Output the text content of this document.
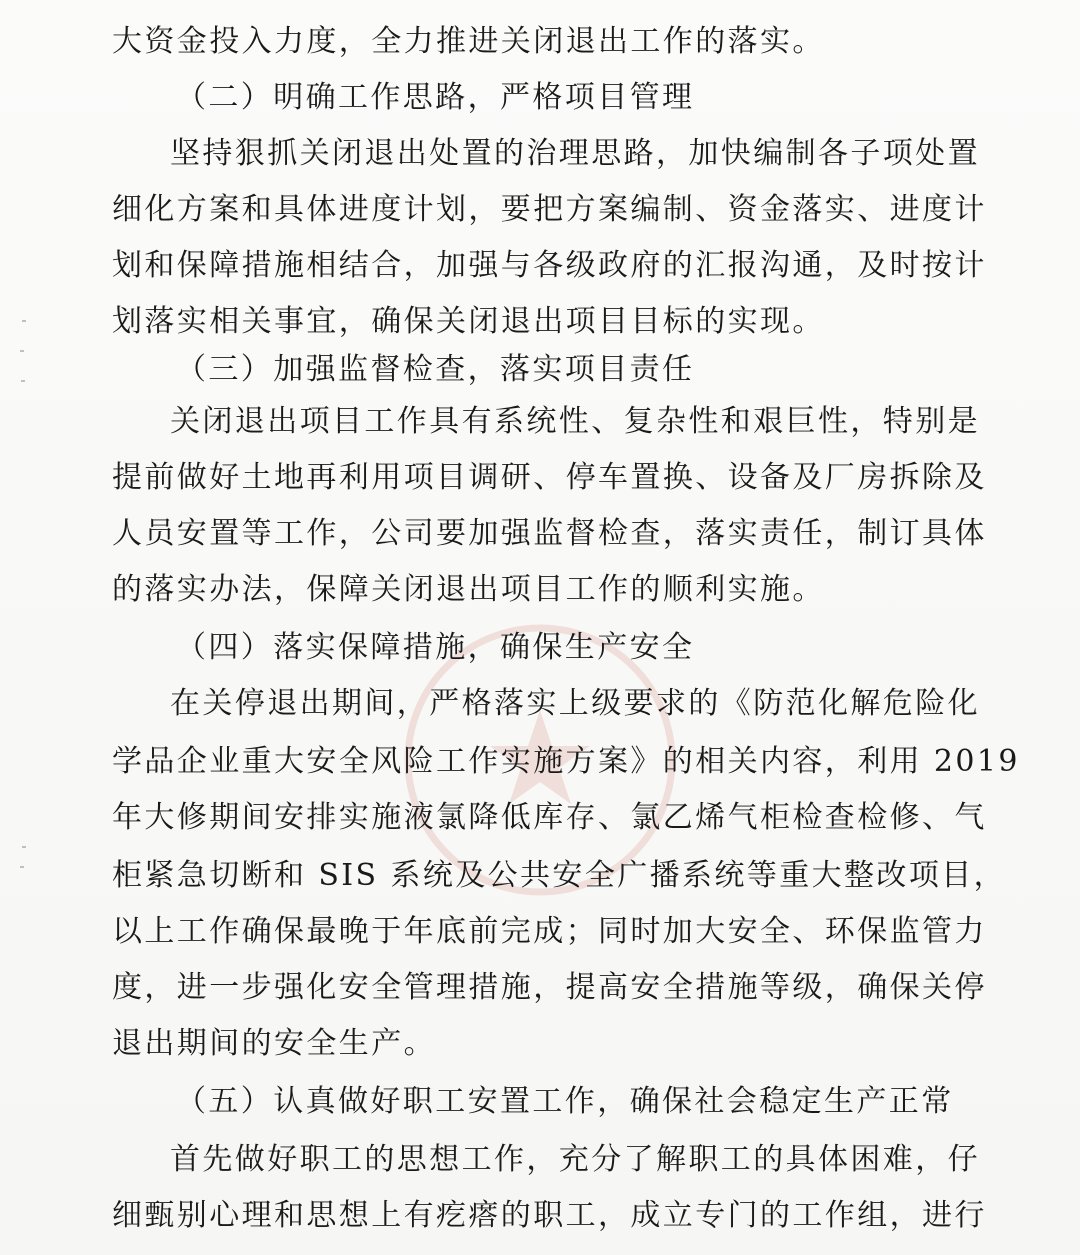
大资金投入力度，全力推进关闭退出工作的落实。
（二）明确工作思路，严格项目管理
坚持狠抓关闭退出处置的治理思路，加快编制各子项处置
细化方案和具体进度计划，要把方案编制、资金落实、进度计
划和保障措施相结合，加强与各级政府的汇报沟通，及时按计
划落实相关事宜，确保关闭退出项目目标的实现。
（三）加强监督检查，落实项目责任
关闭退出项目工作具有系统性、复杂性和艰巨性，特别是
提前做好土地再利用项目调研、停车置换、设备及厂房拆除及
人员安置等工作，公司要加强监督检查，落实责任，制订具体
的落实办法，保障关闭退出项目工作的顺利实施。
（四）落实保障措施，确保生产安全
在关停退出期间，严格落实上级要求的《防范化解危险化
学品企业重大安全风险工作实施方案》的相关内容，利用 2019
年大修期间安排实施液氯降低库存、氯乙烯气柜检查检修、气
柜紧急切断和 SIS 系统及公共安全广播系统等重大整改项目，
以上工作确保最晚于年底前完成；同时加大安全、环保监管力
度，进一步强化安全管理措施，提高安全措施等级，确保关停
退出期间的安全生产。
（五）认真做好职工安置工作，确保社会稳定生产正常
首先做好职工的思想工作，充分了解职工的具体困难，仔
细甄别心理和思想上有疙瘩的职工，成立专门的工作组，进行
